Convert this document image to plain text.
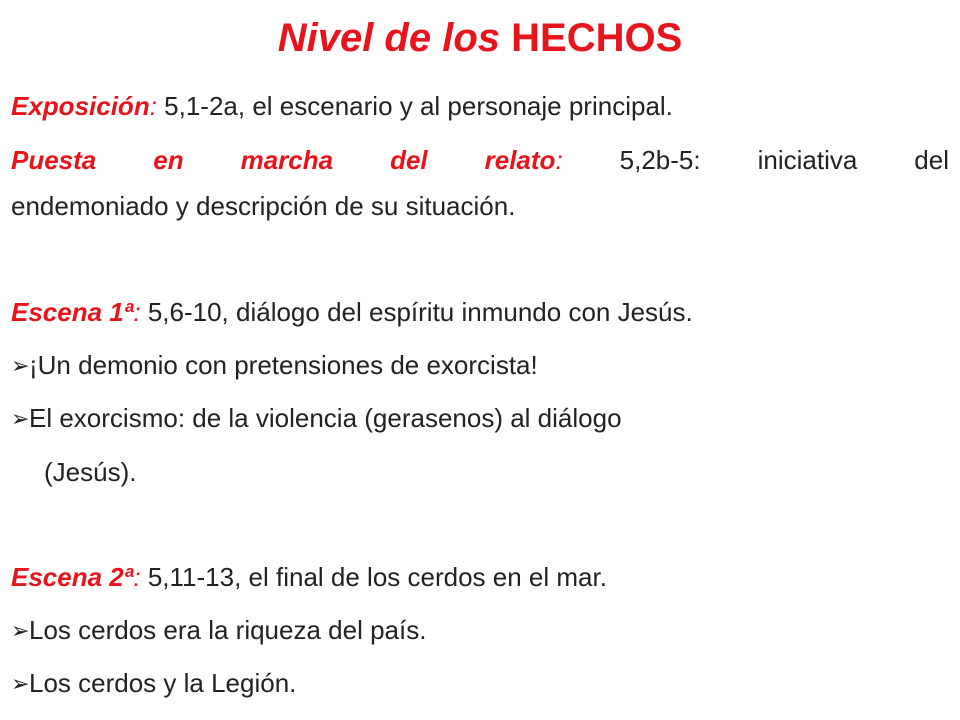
Nivel de los HECHOS
Exposición: 5,1-2a, el escenario y al personaje principal.
Puesta en marcha del relato: 5,2b-5: iniciativa del
endemoniado y descripción de su situación.
Escena 1ª: 5,6-10, diálogo del espíritu inmundo con Jesús.
➢¡Un demonio con pretensiones de exorcista!
➢El exorcismo: de la violencia (gerasenos) al diálogo
(Jesús).
Escena 2ª: 5,11-13, el final de los cerdos en el mar.
➢Los cerdos era la riqueza del país.
➢Los cerdos y la Legión.
